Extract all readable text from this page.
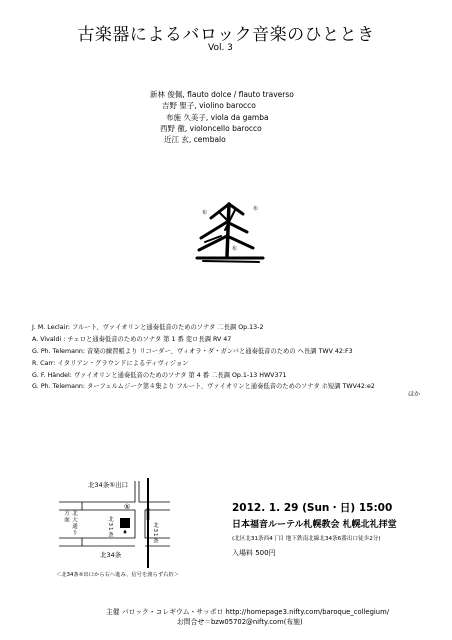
古楽器によるバロック音楽のひととき
Vol. 3
新林 俊佩, flauto dolce / flauto traverso
吉野 聖子, violino barocco
布施 久美子, viola da gamba
西野 徹, violoncello barocco
近江 玄, cembalo
布
布
布
J. M. Leclair: フルート、ヴァイオリンと通奏低音のためのソナタ 二長調 Op.13-2
A. Vivaldi : チェロと通奏低音のためのソナタ 第 1 番 変ロ長調 RV 47
G. Ph. Telemann: 音楽の練習帳より リコーダー、ヴィオラ・ダ・ガンバと通奏低音のための ヘ長調 TWV 42:F3
R. Carr: イタリアン・グラウンドによるディヴィジョン
G. F. Händel: ヴァイオリンと通奏低音のためのソナタ 第 4 番 二長調 Op.1-13 HWV371
G. Ph. Telemann: ターフェルムジーク第４集より フルート、ヴァイオリンと通奏低音のためのソナタ ホ短調 TWV42:e2
ほか
北34条⑤出口
⑤
北大通り方面
北34条
北31条	北31条
＜北34条⑤出口から右へ進み、信号を渡らず右折＞
2012. 1. 29 (Sun・日) 15:00
日本福音ルーテル札幌教会 札幌北礼拝堂
(北区北31条西4丁目 地下鉄南北線北34条6番出口徒歩2分)
入場料 500円
主催 バロック・コレギウム・サッポロ http://homepage3.nifty.com/baroque_collegium/
お問合せ＝bzw05702@nifty.com(布施)
